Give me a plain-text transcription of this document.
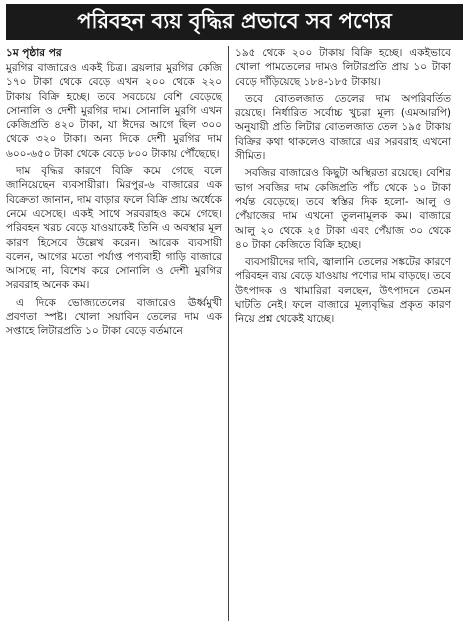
পরিবহন ব্যয় বৃদ্ধির প্রভাবে সব পণ্যের
১ম পৃষ্ঠার পর

মুরগির বাজারেও একই চিত্র। ব্রয়লার মুরগির কেজি ১৭০ টাকা থেকে বেড়ে এখন ২০০ থেকে ২২০ টাকায় বিক্রি হচ্ছে। তবে সবচেয়ে বেশি বেড়েছে সোনালি ও দেশী মুরগির দাম। সোনালি মুরগি এখন কেজিপ্রতি ৪২০ টাকা, যা ঈদের আগে ছিল ৩০০ থেকে ৩২০ টাকা। অন্য দিকে দেশী মুরগির দাম ৬০০-৬৫০ টাকা থেকে বেড়ে ৮০০ টাকায় পৌঁছেছে।

দাম বৃদ্ধির কারণে বিক্রি কমে গেছে বলে জানিয়েছেন ব্যবসায়ীরা। মিরপুর-৬ বাজারের এক বিক্রেতা জানান, দাম বাড়ার ফলে বিক্রি প্রায় অর্ধেকে নেমে এসেছে। একই সাথে সরবরাহও কমে গেছে। পরিবহন খরচ বেড়ে যাওয়াকেই তিনি এ অবস্থার মূল কারণ হিসেবে উল্লেখ করেন। আরেক ব্যবসায়ী বলেন, আগের মতো পর্যাপ্ত পণ্যবাহী গাড়ি বাজারে আসছে না, বিশেষ করে সোনালি ও দেশী মুরগির সরবরাহ অনেক কম।

এ দিকে ভোজ্যতেলের বাজারেও ঊর্ধ্বমুখী প্রবণতা স্পষ্ট। খোলা সয়াবিন তেলের দাম এক সপ্তাহে লিটারপ্রতি ১০ টাকা বেড়ে বর্তমানে

১৯৫ থেকে ২০০ টাকায় বিক্রি হচ্ছে। একইভাবে খোলা পামতেলের দামও লিটারপ্রতি প্রায় ১০ টাকা বেড়ে দাঁড়িয়েছে ১৮৪-১৮৫ টাকায়।

তবে বোতলজাত তেলের দাম অপরিবর্তিত রয়েছে। নির্ধারিত সর্বোচ্চ খুচরা মূল্য (এমআরপি) অনুযায়ী প্রতি লিটার বোতলজাত তেল ১৯৫ টাকায় বিক্রির কথা থাকলেও বাজারে এর সরবরাহ এখনো সীমিত।

সবজির বাজারেও কিছুটা অস্থিরতা রয়েছে। বেশির ভাগ সবজির দাম কেজিপ্রতি পাঁচ থেকে ১০ টাকা পর্যন্ত বেড়েছে। তবে স্বস্তির দিক হলো- আলু ও পেঁয়াজের দাম এখনো তুলনামূলক কম। বাজারে আলু ২০ থেকে ২৫ টাকা এবং পেঁয়াজ ৩০ থেকে ৪০ টাকা কেজিতে বিক্রি হচ্ছে।

ব্যবসায়ীদের দাবি, জ্বালানি তেলের সঙ্কটের কারণে পরিবহন ব্যয় বেড়ে যাওয়ায় পণ্যের দাম বাড়ছে। তবে উৎপাদক ও খামারিরা বলছেন, উৎপাদনে তেমন ঘাটতি নেই। ফলে বাজারে মূল্যবৃদ্ধির প্রকৃত কারণ নিয়ে প্রশ্ন থেকেই যাচ্ছে।
